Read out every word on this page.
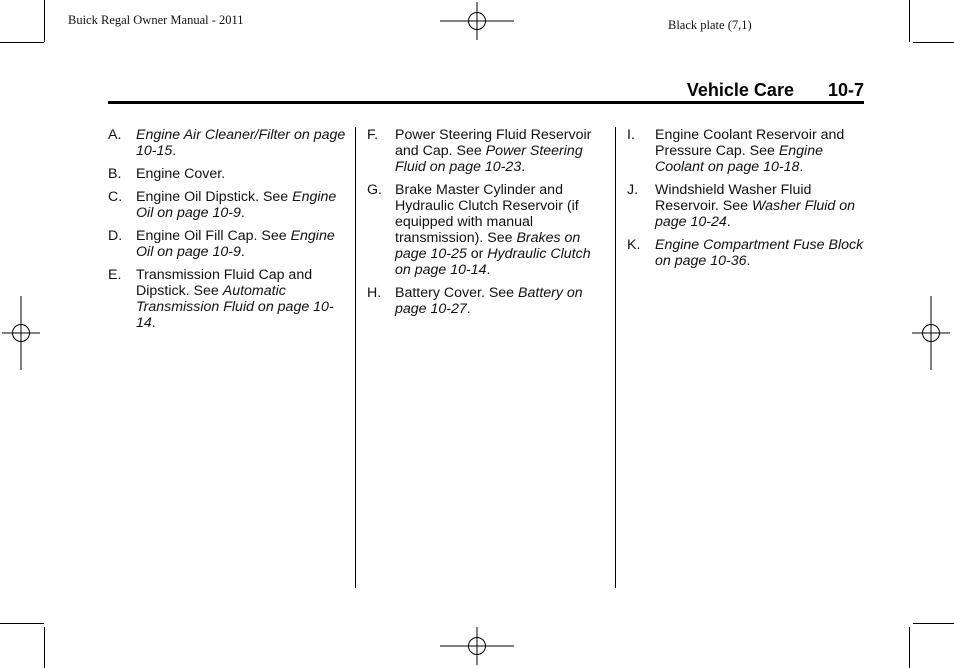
Buick Regal Owner Manual - 2011	Black plate (7,1)
Vehicle Care 10-7
A.	Engine Air Cleaner/Filter on page 10-15.
B.	Engine Cover.
C. Engine Oil Dipstick. See Engine Oil on page 10-9.
D. Engine Oil Fill Cap. See Engine Oil on page 10-9.
E.	Transmission Fluid Cap and Dipstick. See Automatic Transmission Fluid on page 10-14.
F.	Power Steering Fluid Reservoir and Cap. See Power Steering Fluid on page 10-23.
G. Brake Master Cylinder and Hydraulic Clutch Reservoir (if equipped with manual transmission). See Brakes on page 10-25 or Hydraulic Clutch on page 10-14.
H. Battery Cover. See Battery on page 10-27.
I.	Engine Coolant Reservoir and Pressure Cap. See Engine Coolant on page 10-18.
J.	Windshield Washer Fluid Reservoir. See Washer Fluid on page 10-24.
K.	Engine Compartment Fuse Block on page 10-36.
